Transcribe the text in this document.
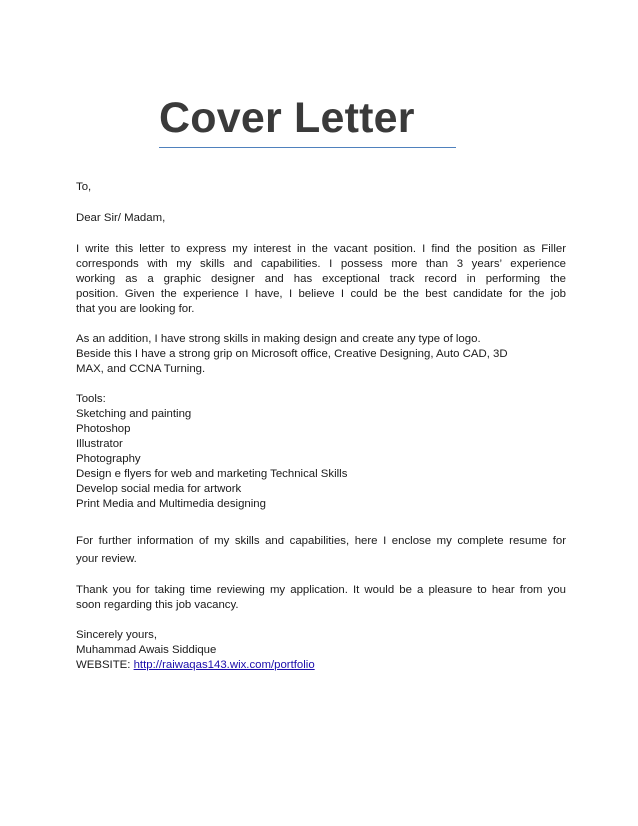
Cover Letter

To,

Dear Sir/ Madam,

I write this letter to express my interest in the vacant position. I find the position as Filler
corresponds with my skills and capabilities. I possess more than 3 years’ experience
working as a graphic designer and has exceptional track record in performing the
position. Given the experience I have, I believe I could be the best candidate for the job
that you are looking for.

As an addition, I have strong skills in making design and create any type of logo.
Beside this I have a strong grip on Microsoft office, Creative Designing, Auto CAD, 3D
MAX, and CCNA Turning.

Tools:
Sketching and painting
Photoshop
Illustrator
Photography
Design e flyers for web and marketing Technical Skills
Develop social media for artwork
Print Media and Multimedia designing

For further information of my skills and capabilities, here I enclose my complete resume for
your review.

Thank you for taking time reviewing my application. It would be a pleasure to hear from you
soon regarding this job vacancy.

Sincerely yours,
Muhammad Awais Siddique
WEBSITE: http://raiwaqas143.wix.com/portfolio
